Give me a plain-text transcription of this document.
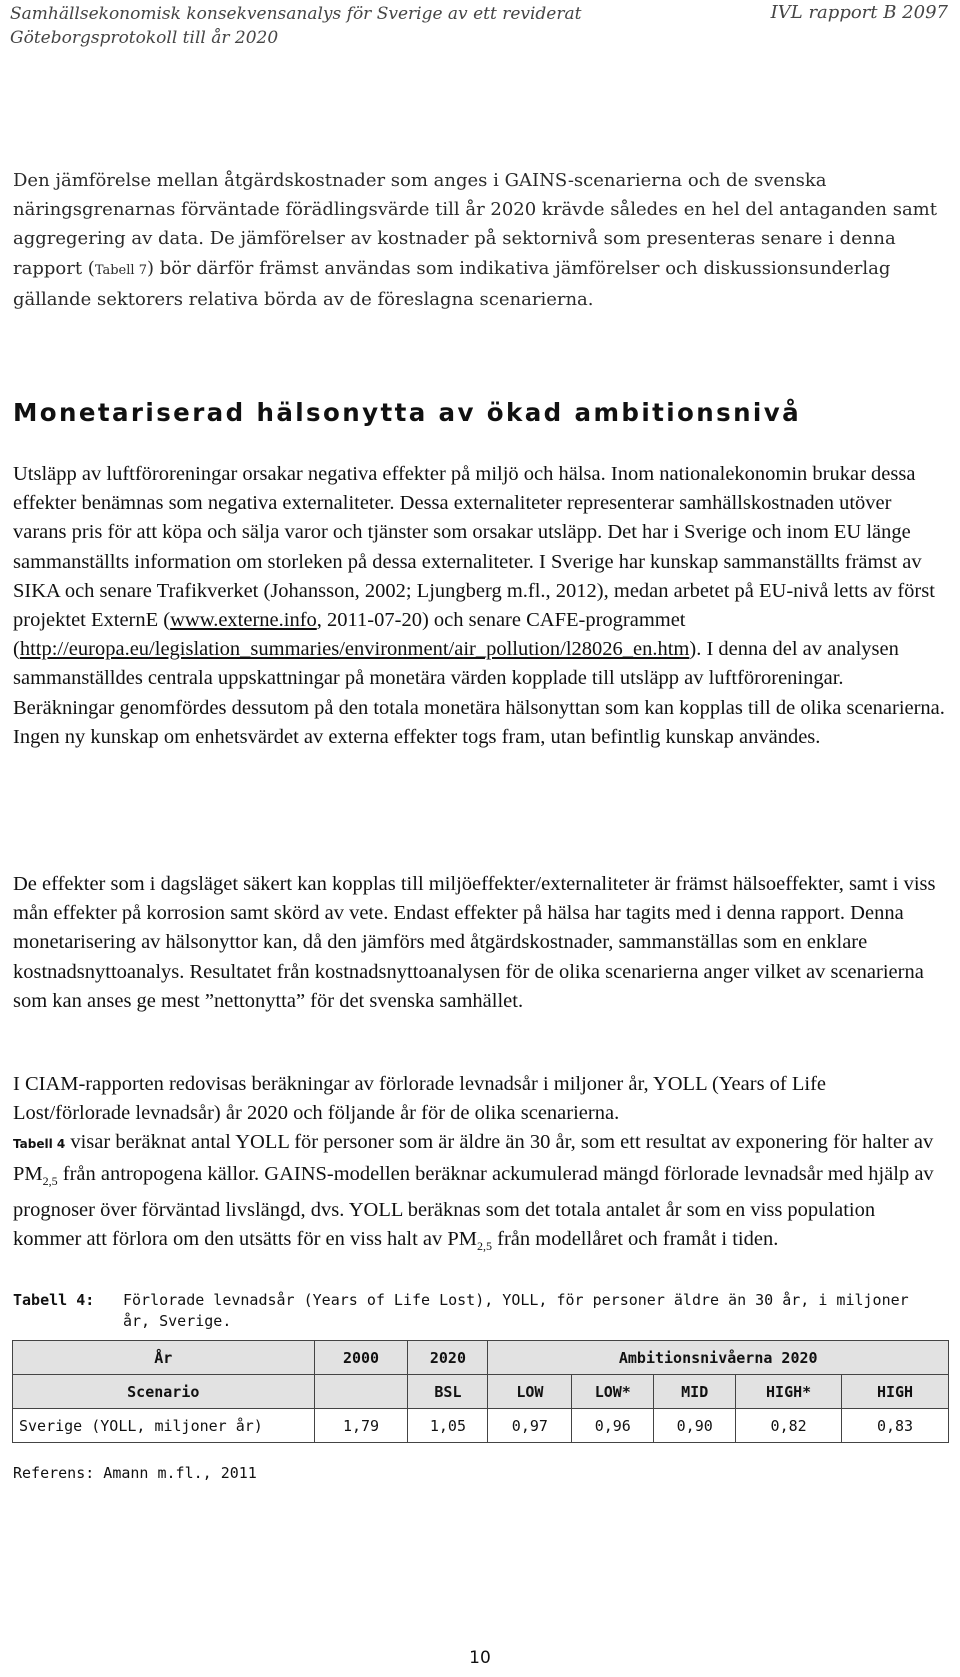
Samhällsekonomisk konsekvensanalys för Sverige av ett reviderat
Göteborgsprotokoll till år 2020
IVL rapport B 2097
Den jämförelse mellan åtgärdskostnader som anges i GAINS-scenarierna och de svenska näringsgrenarnas förväntade förädlingsvärde till år 2020 krävde således en hel del antaganden samt aggregering av data. De jämförelser av kostnader på sektornivå som presenteras senare i denna rapport (Tabell 7) bör därför främst användas som indikativa jämförelser och diskussionsunderlag gällande sektorers relativa börda av de föreslagna scenarierna.
Monetariserad hälsonytta av ökad ambitionsnivå
Utsläpp av luftföroreningar orsakar negativa effekter på miljö och hälsa. Inom nationalekonomin brukar dessa effekter benämnas som negativa externaliteter. Dessa externaliteter representerar samhällskostnaden utöver varans pris för att köpa och sälja varor och tjänster som orsakar utsläpp. Det har i Sverige och inom EU länge sammanställts information om storleken på dessa externaliteter. I Sverige har kunskap sammanställts främst av SIKA och senare Trafikverket (Johansson, 2002; Ljungberg m.fl., 2012), medan arbetet på EU-nivå letts av först projektet ExternE (www.externe.info, 2011-07-20) och senare CAFE-programmet (http://europa.eu/legislation_summaries/environment/air_pollution/l28026_en.htm). I denna del av analysen sammanställdes centrala uppskattningar på monetära värden kopplade till utsläpp av luftföroreningar. Beräkningar genomfördes dessutom på den totala monetära hälsonyttan som kan kopplas till de olika scenarierna. Ingen ny kunskap om enhetsvärdet av externa effekter togs fram, utan befintlig kunskap användes.
De effekter som i dagsläget säkert kan kopplas till miljöeffekter/externaliteter är främst hälsoeffekter, samt i viss mån effekter på korrosion samt skörd av vete. Endast effekter på hälsa har tagits med i denna rapport. Denna monetarisering av hälsonyttor kan, då den jämförs med åtgärdskostnader, sammanställas som en enklare kostnadsnyttoanalys. Resultatet från kostnadsnyttoanalysen för de olika scenarierna anger vilket av scenarierna som kan anses ge mest ”nettonytta” för det svenska samhället.
I CIAM-rapporten redovisas beräkningar av förlorade levnadsår i miljoner år, YOLL (Years of Life Lost/förlorade levnadsår) år 2020 och följande år för de olika scenarierna.
Tabell 4 visar beräknat antal YOLL för personer som är äldre än 30 år, som ett resultat av exponering för halter av $PM_{2,5}$ från antropogena källor. GAINS-modellen beräknar ackumulerad mängd förlorade levnadsår med hjälp av prognoser över förväntad livslängd, dvs. YOLL beräknas som det totala antalet år som en viss population kommer att förlora om den utsätts för en viss halt av $PM_{2,5}$ från modellåret och framåt i tiden.
Tabell 4: Förlorade levnadsår (Years of Life Lost), YOLL, för personer äldre än 30 år, i miljoner år, Sverige.
År	2000	2020	Ambitionsnivåerna 2020				
Scenario		BSL	LOW	LOW*	MID	HIGH*	HIGH
Sverige (YOLL, miljoner år)	1,79	1,05	0,97	0,96	0,90	0,82	0,83
Referens: Amann m.fl., 2011
10
